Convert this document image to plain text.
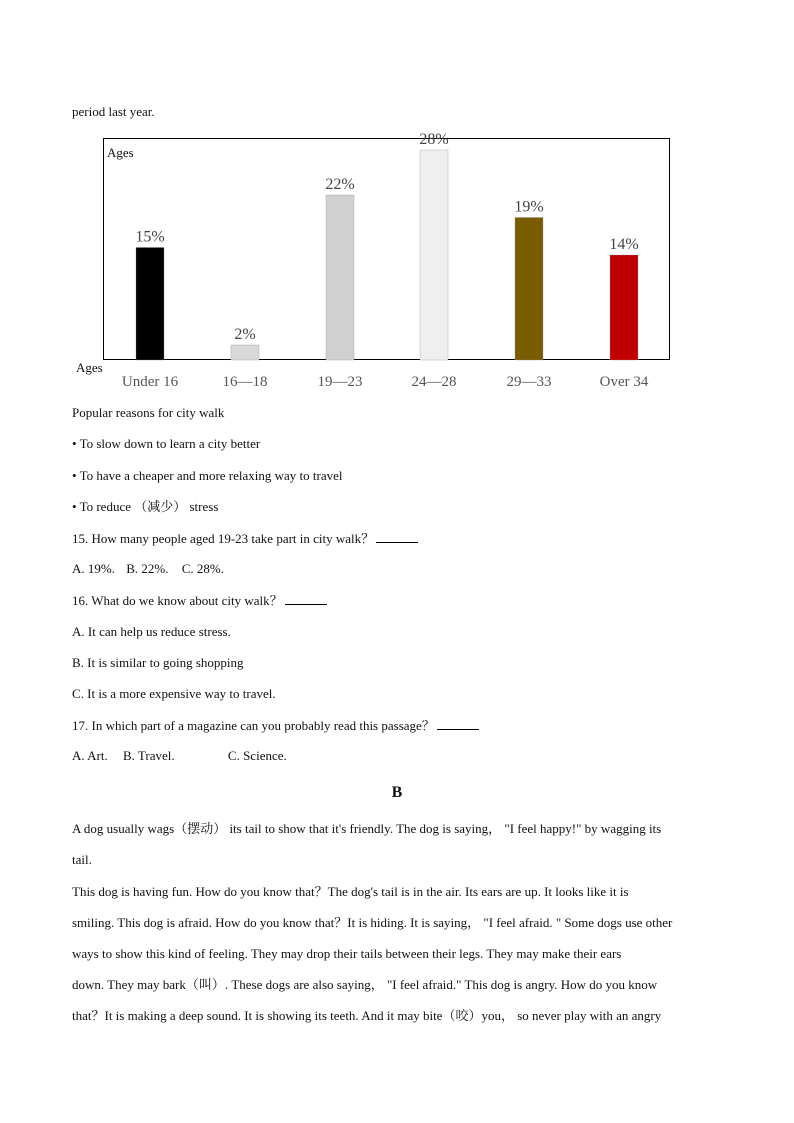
period last year.
15%
Under 16
2%
16—18
22%
19—23
28%
24—28
19%
29—33
14%
Over 34
Ages
Ages
Popular reasons for city walk
• To slow down to learn a city better
• To have a cheaper and more relaxing way to travel
• To reduce （减少） stress
15. How many people aged 19-23 take part in city walk？
A. 19%. B. 22%. C. 28%.
16. What do we know about city walk？
A. It can help us reduce stress.
B. It is similar to going shopping
C. It is a more expensive way to travel.
17. In which part of a magazine can you probably read this passage？
A. Art. B. Travel.	C. Science.
B
A dog usually wags（摆动） its tail to show that it's friendly. The dog is saying， "I feel happy!" by wagging its
tail.
This dog is having fun. How do you know that？The dog's tail is in the air. Its ears are up. It looks like it is
smiling. This dog is afraid. How do you know that？It is hiding. It is saying， "I feel afraid. " Some dogs use other
ways to show this kind of feeling. They may drop their tails between their legs. They may make their ears
down. They may bark（叫）. These dogs are also saying， "I feel afraid." This dog is angry. How do you know
that？It is making a deep sound. It is showing its teeth. And it may bite（咬）you， so never play with an angry
